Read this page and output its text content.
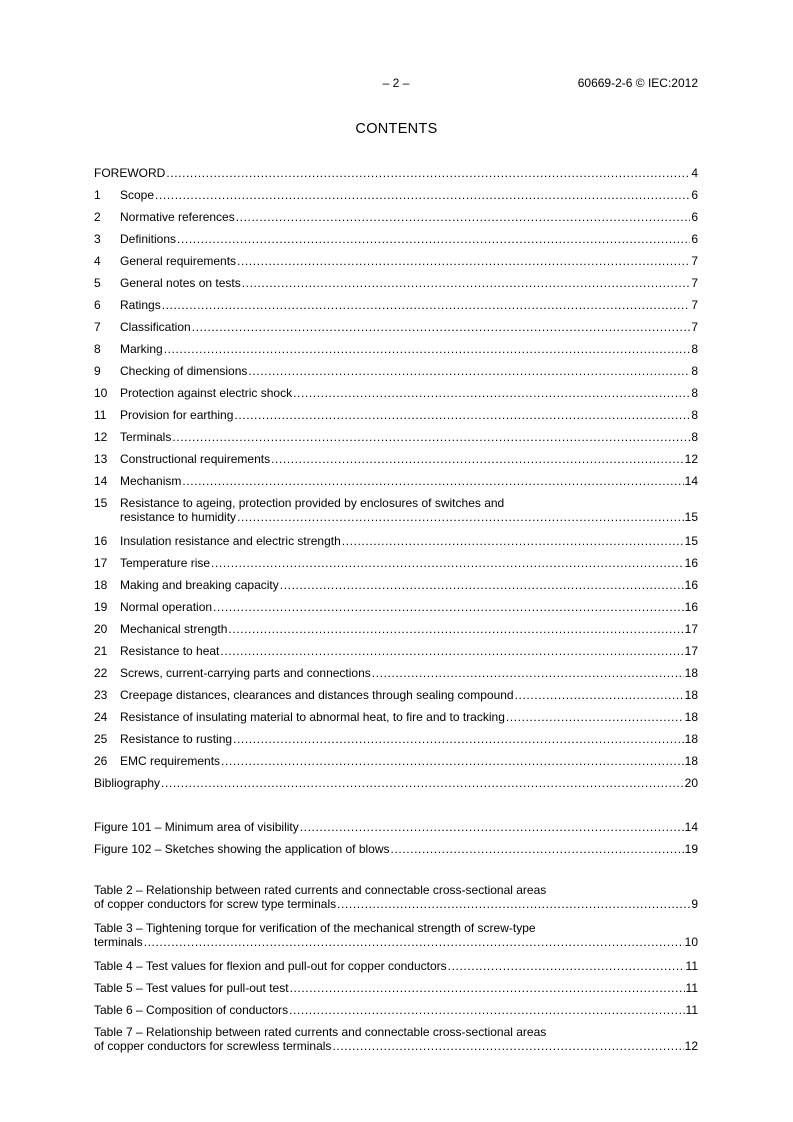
– 2 –	60669-2-6 © IEC:2012
CONTENTS
FOREWORD .....	4
1	Scope .....	6
2	Normative references .....	6
3	Definitions .....	6
4	General requirements .....	7
5	General notes on tests .....	7
6	Ratings .....	7
7	Classification .....	7
8	Marking .....	8
9	Checking of dimensions .....	8
10	Protection against electric shock .....	8
11	Provision for earthing .....	8
12	Terminals .....	8
13	Constructional requirements .....	12
14	Mechanism .....	14
15 Resistance to ageing, protection provided by enclosures of switches and
resistance to humidity .....	15
16	Insulation resistance and electric strength .....	15
17	Temperature rise .....	16
18	Making and breaking capacity .....	16
19	Normal operation .....	16
20	Mechanical strength .....	17
21	Resistance to heat .....	17
22	Screws, current-carrying parts and connections .....	18
23	Creepage distances, clearances and distances through sealing compound .....	18
24	Resistance of insulating material to abnormal heat, to fire and to tracking .....	18
25	Resistance to rusting .....	18
26	EMC requirements .....	18
Bibliography .....	20
Figure 101 – Minimum area of visibility .....	14
Figure 102 – Sketches showing the application of blows .....	19
Table 2 – Relationship between rated currents and connectable cross-sectional areas
of copper conductors for screw type terminals .....	9
Table 3 – Tightening torque for verification of the mechanical strength of screw-type
terminals .....	10
Table 4 – Test values for flexion and pull-out for copper conductors .....	11
Table 5 – Test values for pull-out test .....	11
Table 6 – Composition of conductors .....	11
Table 7 – Relationship between rated currents and connectable cross-sectional areas
of copper conductors for screwless terminals .....	12
